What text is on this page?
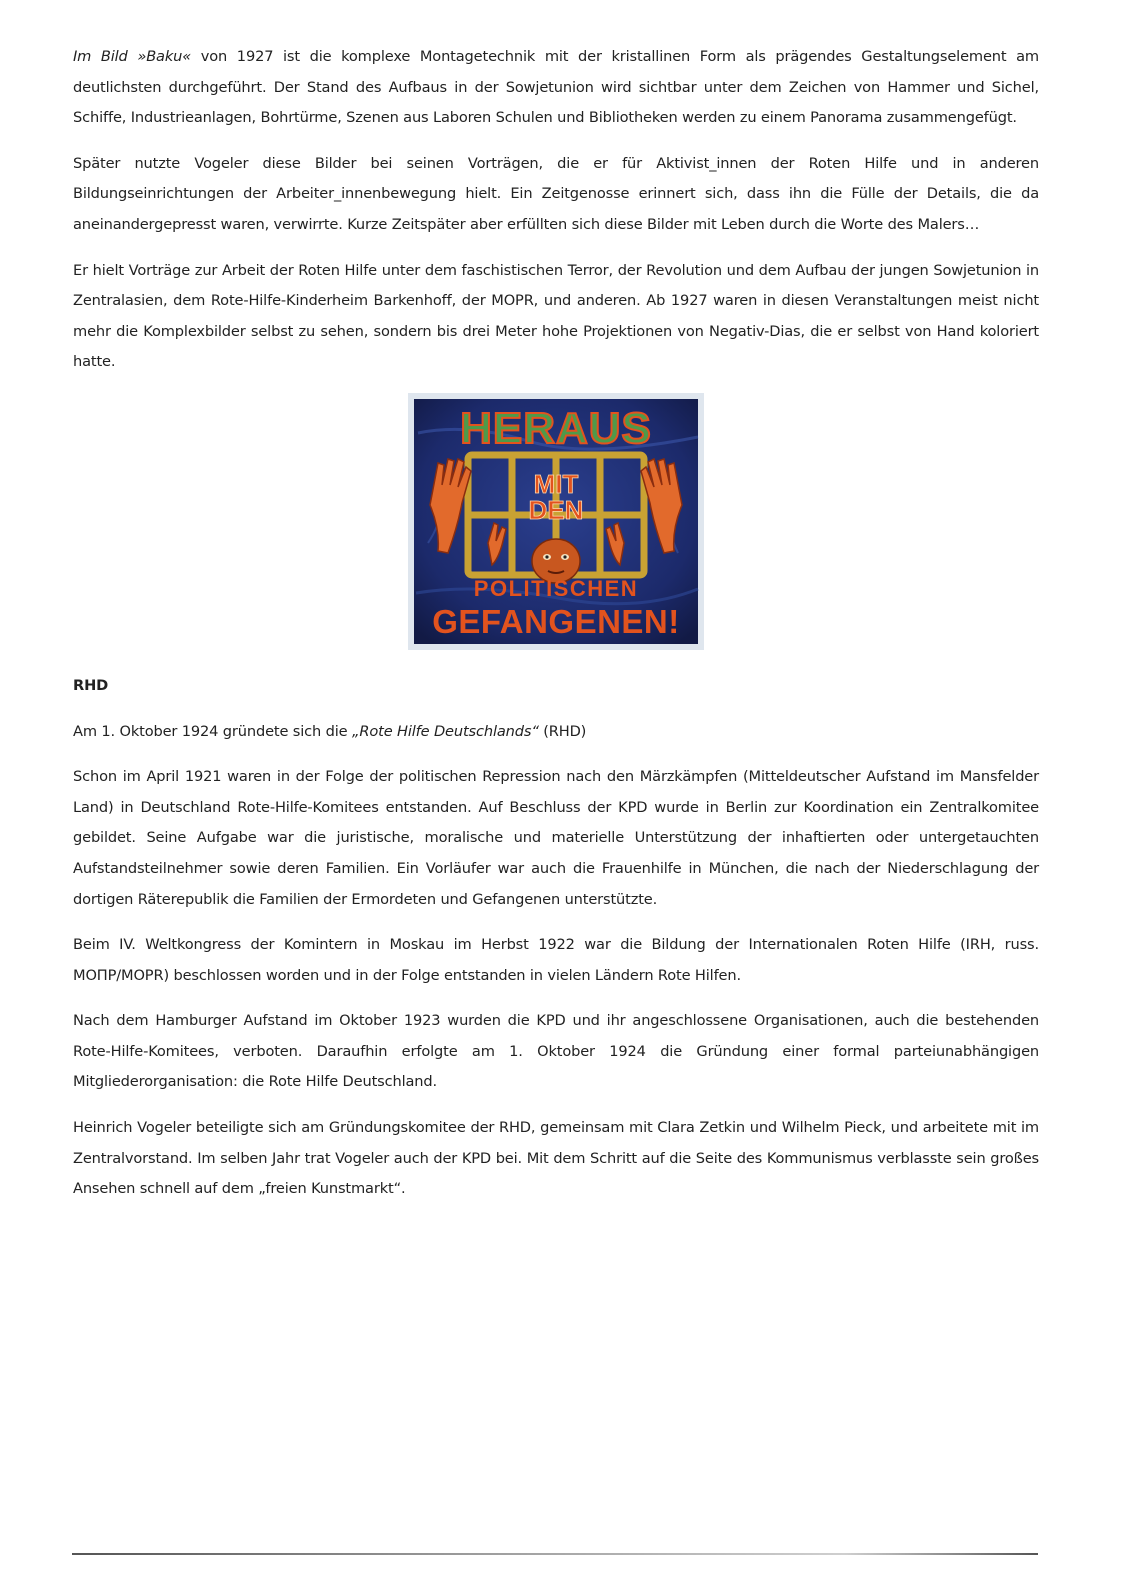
Im Bild »Baku« von 1927 ist die komplexe Montagetechnik mit der kristallinen Form als prägendes Gestaltungselement am deutlichsten durchgeführt. Der Stand des Aufbaus in der Sowjetunion wird sichtbar unter dem Zeichen von Hammer und Sichel, Schiffe, Industrieanlagen, Bohrtürme, Szenen aus Laboren Schulen und Bibliotheken werden zu einem Panorama zusammengefügt.

Später nutzte Vogeler diese Bilder bei seinen Vorträgen, die er für Aktivist_innen der Roten Hilfe und in anderen Bildungseinrichtungen der Arbeiter_innenbewegung hielt. Ein Zeitgenosse erinnert sich, dass ihn die Fülle der Details, die da aneinandergepresst waren, verwirrte. Kurze Zeitspäter aber erfüllten sich diese Bilder mit Leben durch die Worte des Malers…

Er hielt Vorträge zur Arbeit der Roten Hilfe unter dem faschistischen Terror, der Revolution und dem Aufbau der jungen Sowjetunion in Zentralasien, dem Rote-Hilfe-Kinderheim Barkenhoff, der MOPR, und anderen. Ab 1927 waren in diesen Veranstaltungen meist nicht mehr die Komplexbilder selbst zu sehen, sondern bis drei Meter hohe Projektionen von Negativ-Dias, die er selbst von Hand koloriert hatte.

HERAUS
MIT
DEN
POLITISCHEN
GEFANGENEN!

RHD

Am 1. Oktober 1924 gründete sich die „Rote Hilfe Deutschlands“ (RHD)

Schon im April 1921 waren in der Folge der politischen Repression nach den Märzkämpfen (Mitteldeutscher Aufstand im Mansfelder Land) in Deutschland Rote-Hilfe-Komitees entstanden. Auf Beschluss der KPD wurde in Berlin zur Koordination ein Zentralkomitee gebildet. Seine Aufgabe war die juristische, moralische und materielle Unterstützung der inhaftierten oder untergetauchten Aufstandsteilnehmer sowie deren Familien. Ein Vorläufer war auch die Frauenhilfe in München, die nach der Niederschlagung der dortigen Räterepublik die Familien der Ermordeten und Gefangenen unterstützte.

Beim IV. Weltkongress der Komintern in Moskau im Herbst 1922 war die Bildung der Internationalen Roten Hilfe (IRH, russ. МОПР/MOPR) beschlossen worden und in der Folge entstanden in vielen Ländern Rote Hilfen.

Nach dem Hamburger Aufstand im Oktober 1923 wurden die KPD und ihr angeschlossene Organisationen, auch die bestehenden Rote-Hilfe-Komitees, verboten. Daraufhin erfolgte am 1. Oktober 1924 die Gründung einer formal parteiunabhängigen Mitgliederorganisation: die Rote Hilfe Deutschland.

Heinrich Vogeler beteiligte sich am Gründungskomitee der RHD, gemeinsam mit Clara Zetkin und Wilhelm Pieck, und arbeitete mit im Zentralvorstand. Im selben Jahr trat Vogeler auch der KPD bei. Mit dem Schritt auf die Seite des Kommunismus verblasste sein großes Ansehen schnell auf dem „freien Kunstmarkt“.
